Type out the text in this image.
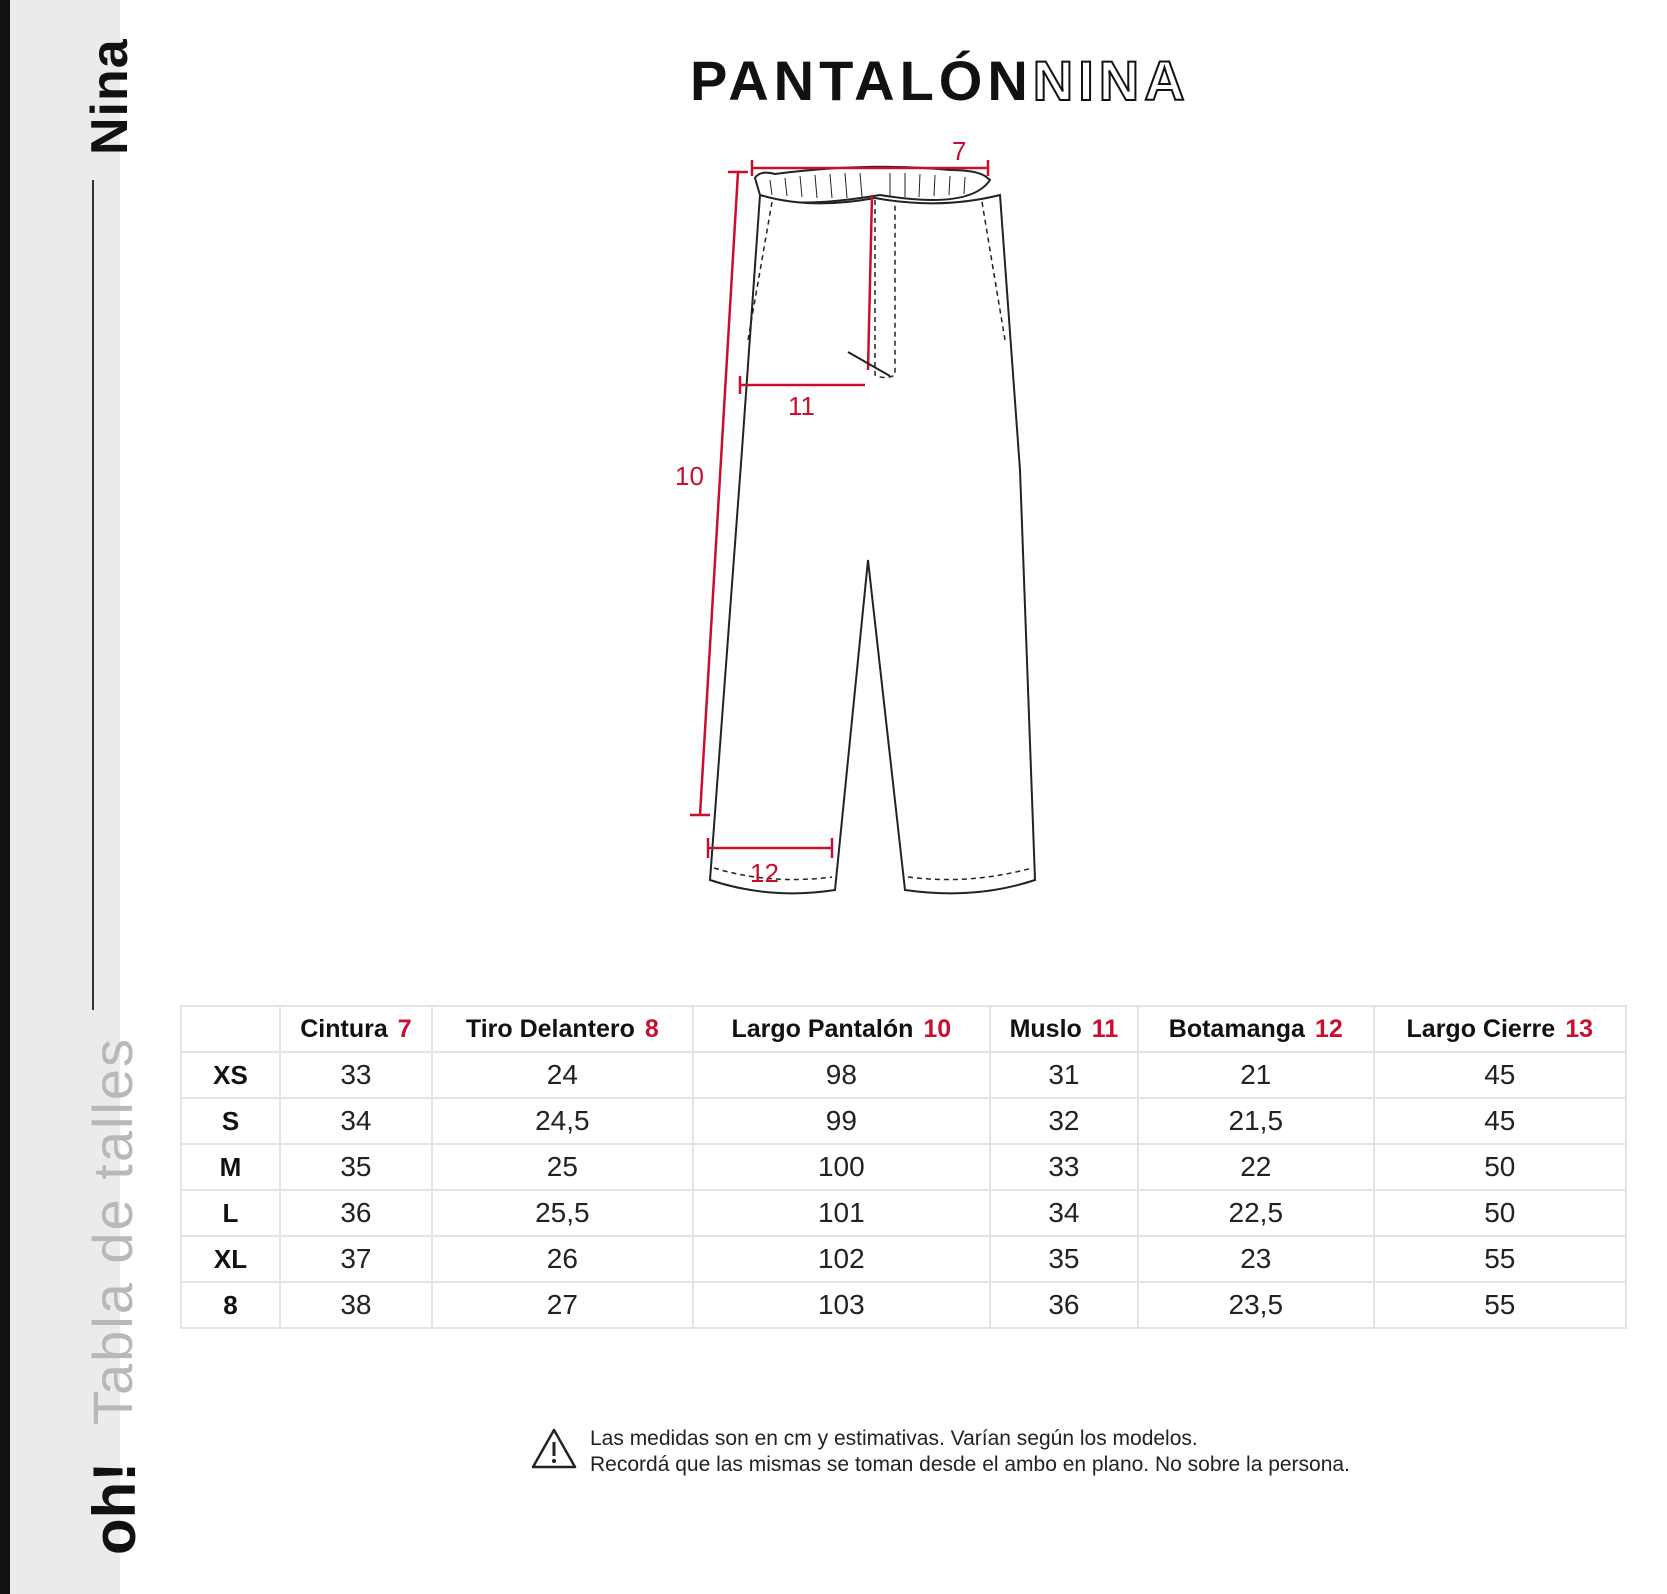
Nina
Tabla de talles
oh!
PANTALÓNNINA
7
10
11
12
	Cintura 7	Tiro Delantero 8	Largo Pantalón 10	Muslo 11	Botamanga 12	Largo Cierre 13
XS	33	24	98	31	21	45
S	34	24,5	99	32	21,5	45
M	35	25	100	33	22	50
L	36	25,5	101	34	22,5	50
XL	37	26	102	35	23	55
8	38	27	103	36	23,5	55
Las medidas son en cm y estimativas. Varían según los modelos.
Recordá que las mismas se toman desde el ambo en plano. No sobre la persona.
